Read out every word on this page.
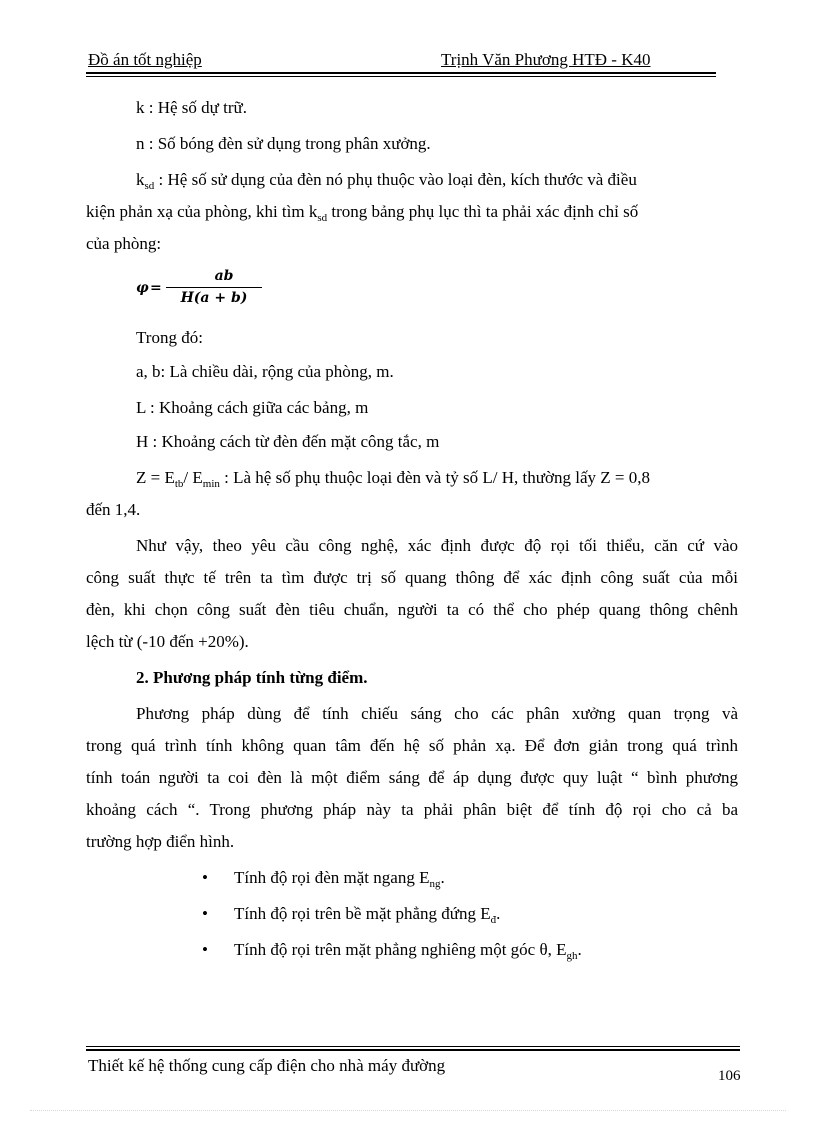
Đồ án tốt nghiệp	Trịnh Văn Phương HTĐ - K40
k : Hệ số dự trữ.
n : Số bóng đèn sử dụng trong phân xưởng.
$k_{sd}$ : Hệ số sử dụng của đèn nó phụ thuộc vào loại đèn, kích thước và điều
kiện phản xạ của phòng, khi tìm $k_{sd}$ trong bảng phụ lục thì ta phải xác định chỉ số
của phòng:
φ =
ab
H(a + b)
Trong đó:
a, b: Là chiều dài, rộng của phòng, m.
L : Khoảng cách giữa các bảng, m
H : Khoảng cách từ đèn đến mặt công tắc, m
$Z = E_{tb}/$ $E_{min}$ : Là hệ số phụ thuộc loại đèn và tỷ số L/ H, thường lấy Z = 0,8
đến 1,4.
Như vậy, theo yêu cầu công nghệ, xác định được độ rọi tối thiểu, căn cứ vào
công suất thực tế trên ta tìm được trị số quang thông để xác định công suất của mỗi
đèn, khi chọn công suất đèn tiêu chuẩn, người ta có thể cho phép quang thông chênh
lệch từ (-10 đến +20%).
2. Phương pháp tính từng điểm.
Phương pháp dùng để tính chiếu sáng cho các phân xưởng quan trọng và
trong quá trình tính không quan tâm đến hệ số phản xạ. Để đơn giản trong quá trình
tính toán người ta coi đèn là một điểm sáng để áp dụng được quy luật “ bình phương
khoảng cách “. Trong phương pháp này ta phải phân biệt để tính độ rọi cho cả ba
trường hợp điển hình.
• Tính độ rọi đèn mặt ngang $E_{ng}$.
• Tính độ rọi trên bề mặt phẳng đứng $E_đ$.
• Tính độ rọi trên mặt phẳng nghiêng một góc θ, $E_{gh}$.
Thiết kế hệ thống cung cấp điện cho nhà máy đường
106
